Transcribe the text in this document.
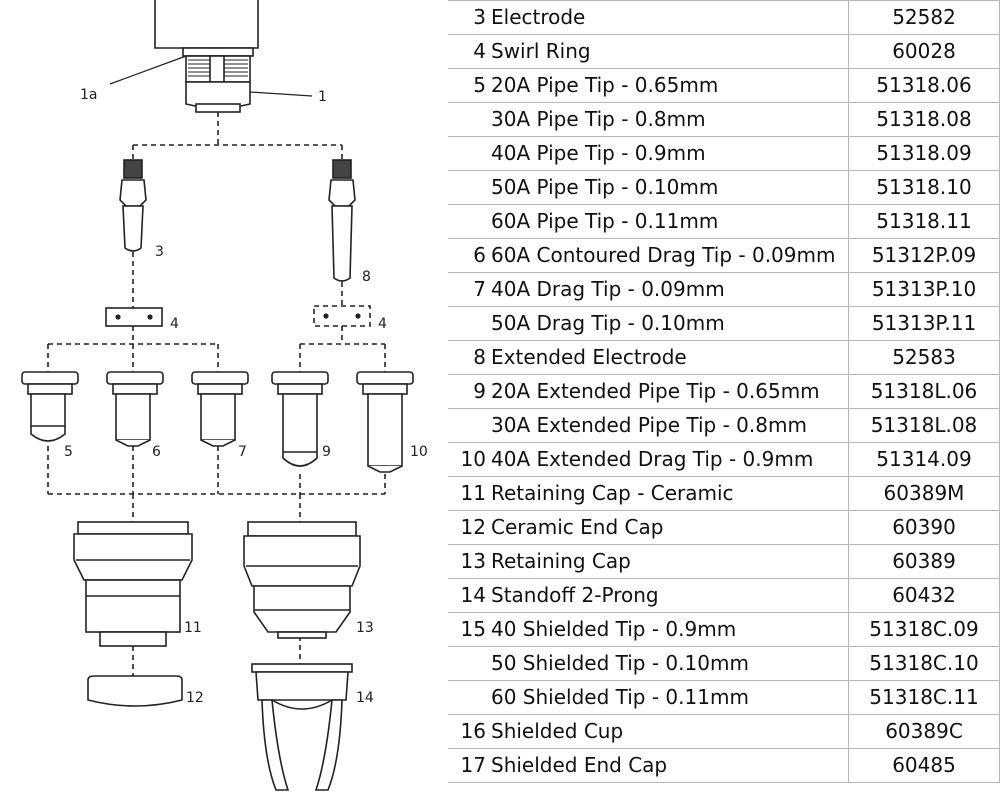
1a	1
3
8
4	4
5	6	7	9	10
11
12
13
14
3	Electrode	52582
4	Swirl Ring	60028
5	20A Pipe Tip - 0.65mm	51318.06
	30A Pipe Tip - 0.8mm	51318.08
	40A Pipe Tip - 0.9mm	51318.09
	50A Pipe Tip - 0.10mm	51318.10
	60A Pipe Tip - 0.11mm	51318.11
6	60A Contoured Drag Tip - 0.09mm	51312P.09
7	40A Drag Tip - 0.09mm	51313P.10
	50A Drag Tip - 0.10mm	51313P.11
8	Extended Electrode	52583
9	20A Extended Pipe Tip - 0.65mm	51318L.06
	30A Extended Pipe Tip - 0.8mm	51318L.08
10	40A Extended Drag Tip - 0.9mm	51314.09
11	Retaining Cap - Ceramic	60389M
12	Ceramic End Cap	60390
13	Retaining Cap	60389
14	Standoff 2-Prong	60432
15	40 Shielded Tip - 0.9mm	51318C.09
	50 Shielded Tip - 0.10mm	51318C.10
	60 Shielded Tip - 0.11mm	51318C.11
16	Shielded Cup	60389C
17	Shielded End Cap	60485
